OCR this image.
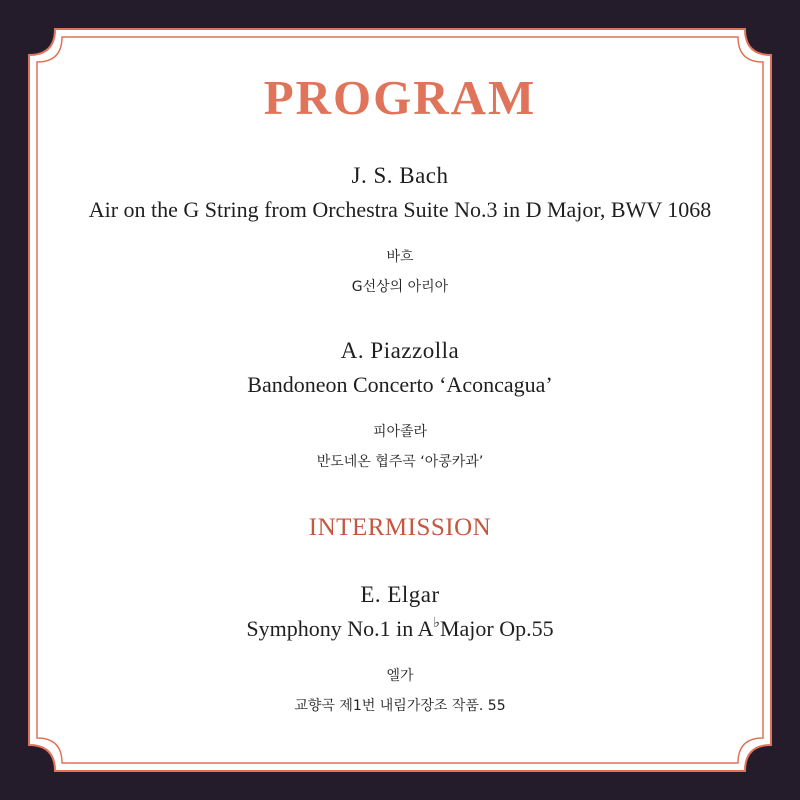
PROGRAM
J. S. Bach
Air on the G String from Orchestra Suite No.3 in D Major, BWV 1068
바흐
G선상의 아리아
A. Piazzolla
Bandoneon Concerto ‘Aconcagua’
피아졸라
반도네온 협주곡 ‘아콩카과’
INTERMISSION
E. Elgar
Symphony No.1 in A♭Major Op.55
엘가
교향곡 제1번 내림가장조 작품. 55
